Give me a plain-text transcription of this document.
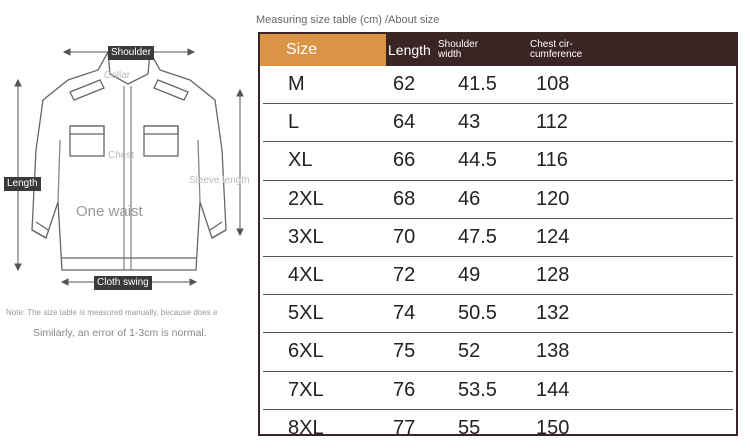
Measuring size table (cm) /About size
Shoulder
Collar
Chest
Length	Sleeve length
One waist
Cloth swing
Note: The size table is measured manually, because does e
Similarly, an error of 1-3cm is normal.
Size	Length Shoulder
width
Chest cir-
cumference
M	62 41.5 108
L	64 43	112
XL	66 44.5 116
2XL	68 46	120
3XL	70 47.5 124
4XL	72 49	128
5XL	74 50.5 132
6XL	75 52	138
7XL	76 53.5 144
8XL	77 55	150
